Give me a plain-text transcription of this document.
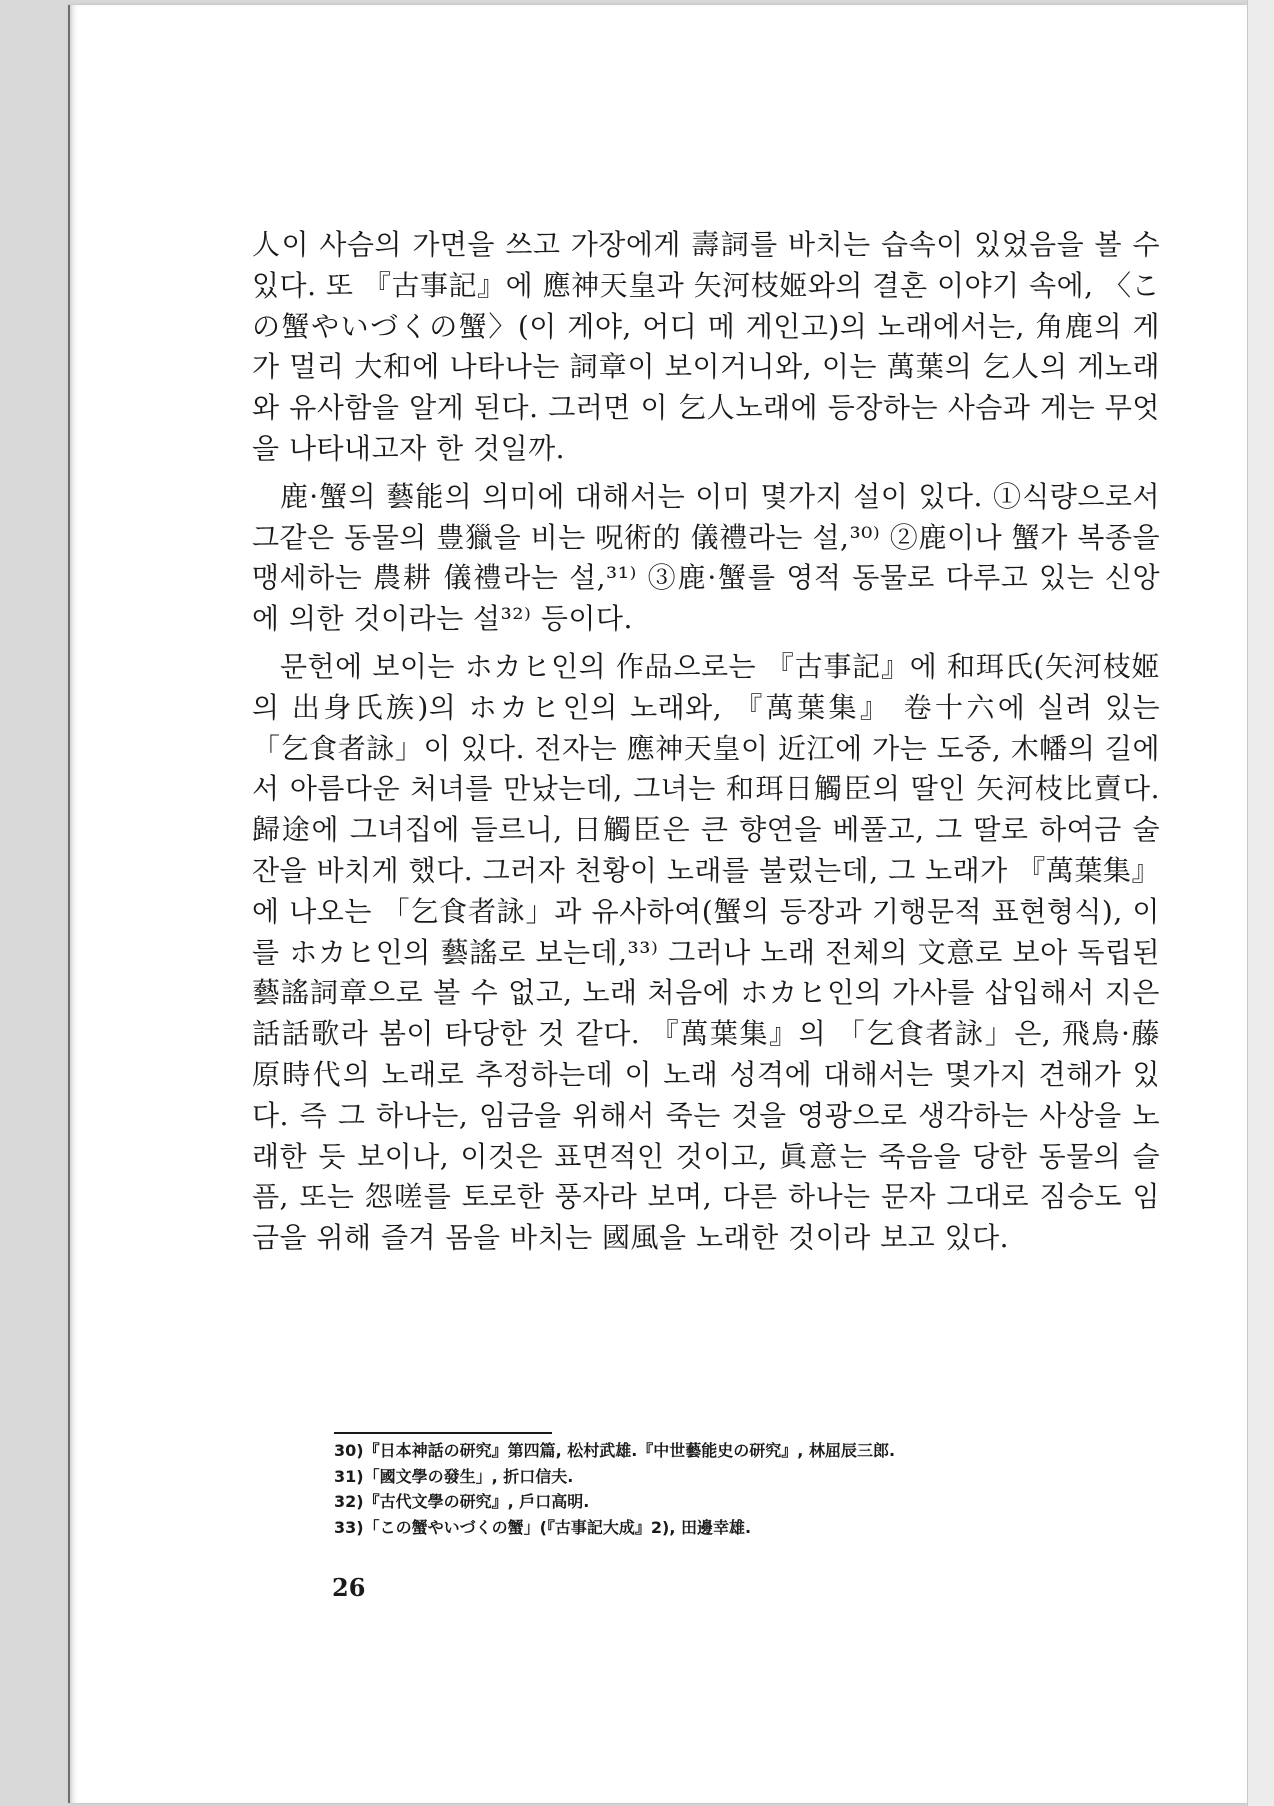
人이 사슴의 가면을 쓰고 가장에게 壽詞를 바치는 습속이 있었음을 볼 수 있다. 또 『古事記』에 應神天皇과 矢河枝姬와의 결혼 이야기 속에, 〈この蟹やいづくの蟹〉(이 게야, 어디 메 게인고)의 노래에서는, 角鹿의 게가 멀리 大和에 나타나는 詞章이 보이거니와, 이는 萬葉의 乞人의 게노래와 유사함을 알게 된다. 그러면 이 乞人노래에 등장하는 사슴과 게는 무엇을 나타내고자 한 것일까.

鹿·蟹의 藝能의 의미에 대해서는 이미 몇가지 설이 있다. ①식량으로서 그같은 동물의 豊獵을 비는 呪術的 儀禮라는 설,³⁰⁾ ②鹿이나 蟹가 복종을 맹세하는 農耕 儀禮라는 설,³¹⁾ ③鹿·蟹를 영적 동물로 다루고 있는 신앙에 의한 것이라는 설³²⁾ 등이다.

문헌에 보이는 ホカヒ인의 作品으로는 『古事記』에 和珥氏(矢河枝姬의 出身氏族)의 ホカヒ인의 노래와, 『萬葉集』 卷十六에 실려 있는 「乞食者詠」이 있다. 전자는 應神天皇이 近江에 가는 도중, 木幡의 길에서 아름다운 처녀를 만났는데, 그녀는 和珥日觸臣의 딸인 矢河枝比賣다. 歸途에 그녀집에 들르니, 日觸臣은 큰 향연을 베풀고, 그 딸로 하여금 술잔을 바치게 했다. 그러자 천황이 노래를 불렀는데, 그 노래가 『萬葉集』에 나오는 「乞食者詠」과 유사하여(蟹의 등장과 기행문적 표현형식), 이를 ホカヒ인의 藝謠로 보는데,³³⁾ 그러나 노래 전체의 文意로 보아 독립된 藝謠詞章으로 볼 수 없고, 노래 처음에 ホカヒ인의 가사를 삽입해서 지은 話話歌라 봄이 타당한 것 같다. 『萬葉集』의 「乞食者詠」은, 飛鳥·藤原時代의 노래로 추정하는데 이 노래 성격에 대해서는 몇가지 견해가 있다. 즉 그 하나는, 임금을 위해서 죽는 것을 영광으로 생각하는 사상을 노래한 듯 보이나, 이것은 표면적인 것이고, 眞意는 죽음을 당한 동물의 슬픔, 또는 怨嗟를 토로한 풍자라 보며, 다른 하나는 문자 그대로 짐승도 임금을 위해 즐겨 몸을 바치는 國風을 노래한 것이라 보고 있다.

30)『日本神話の研究』第四篇, 松村武雄.『中世藝能史の研究』, 林屈辰三郎.
31)「國文學の發生」, 折口信夫.
32)『古代文學の研究』, 戶口高明.
33)「この蟹やいづくの蟹」(『古事記大成』2), 田邊幸雄.
26
